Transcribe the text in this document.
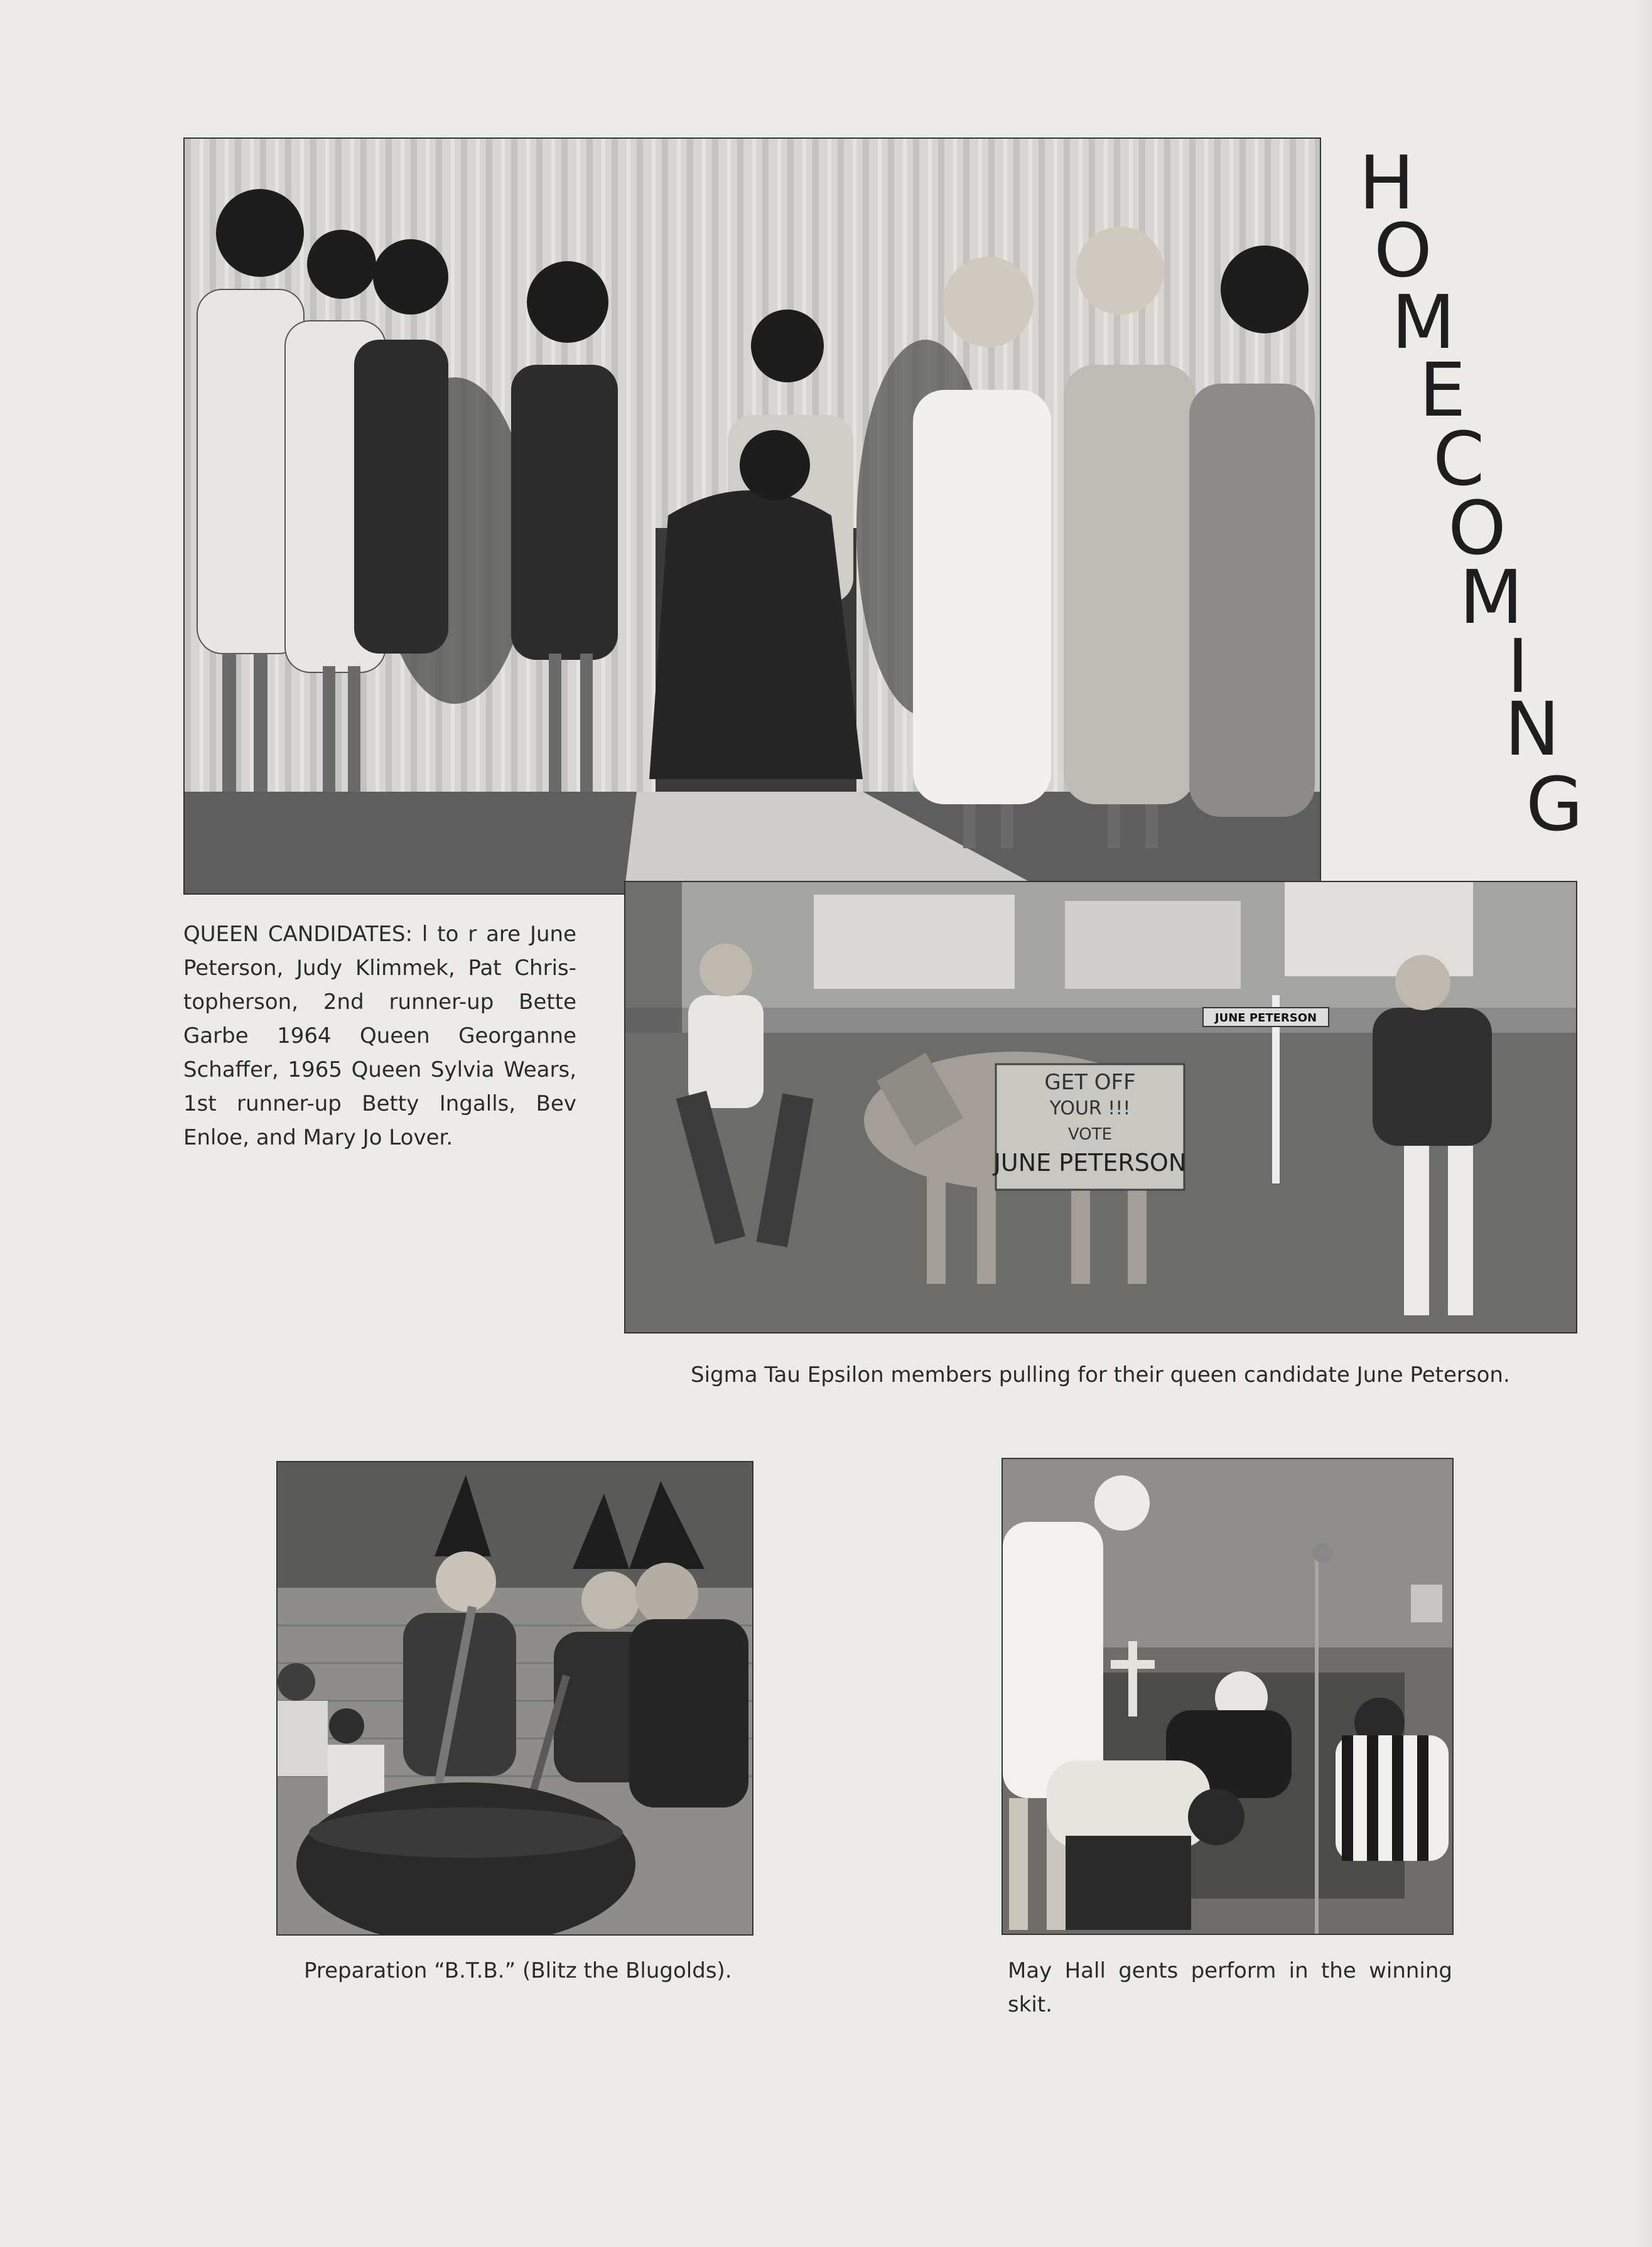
H
O
M
E
C
O
M
I
N
G
GET OFF
YOUR !!!
VOTE
JUNE PETERSON
JUNE PETERSON
QUEEN CANDIDATES: l to r are June Peterson, Judy Klimmek, Pat Chris-topherson, 2nd runner-up Bette Garbe 1964 Queen Georganne Schaffer, 1965 Queen Sylvia Wears, 1st runner-up Betty Ingalls, Bev Enloe, and Mary Jo Lover.
Sigma Tau Epsilon members pulling for their queen candidate June Peterson.
Preparation “B.T.B.” (Blitz the Blugolds).	May Hall gents perform in the winning skit.
